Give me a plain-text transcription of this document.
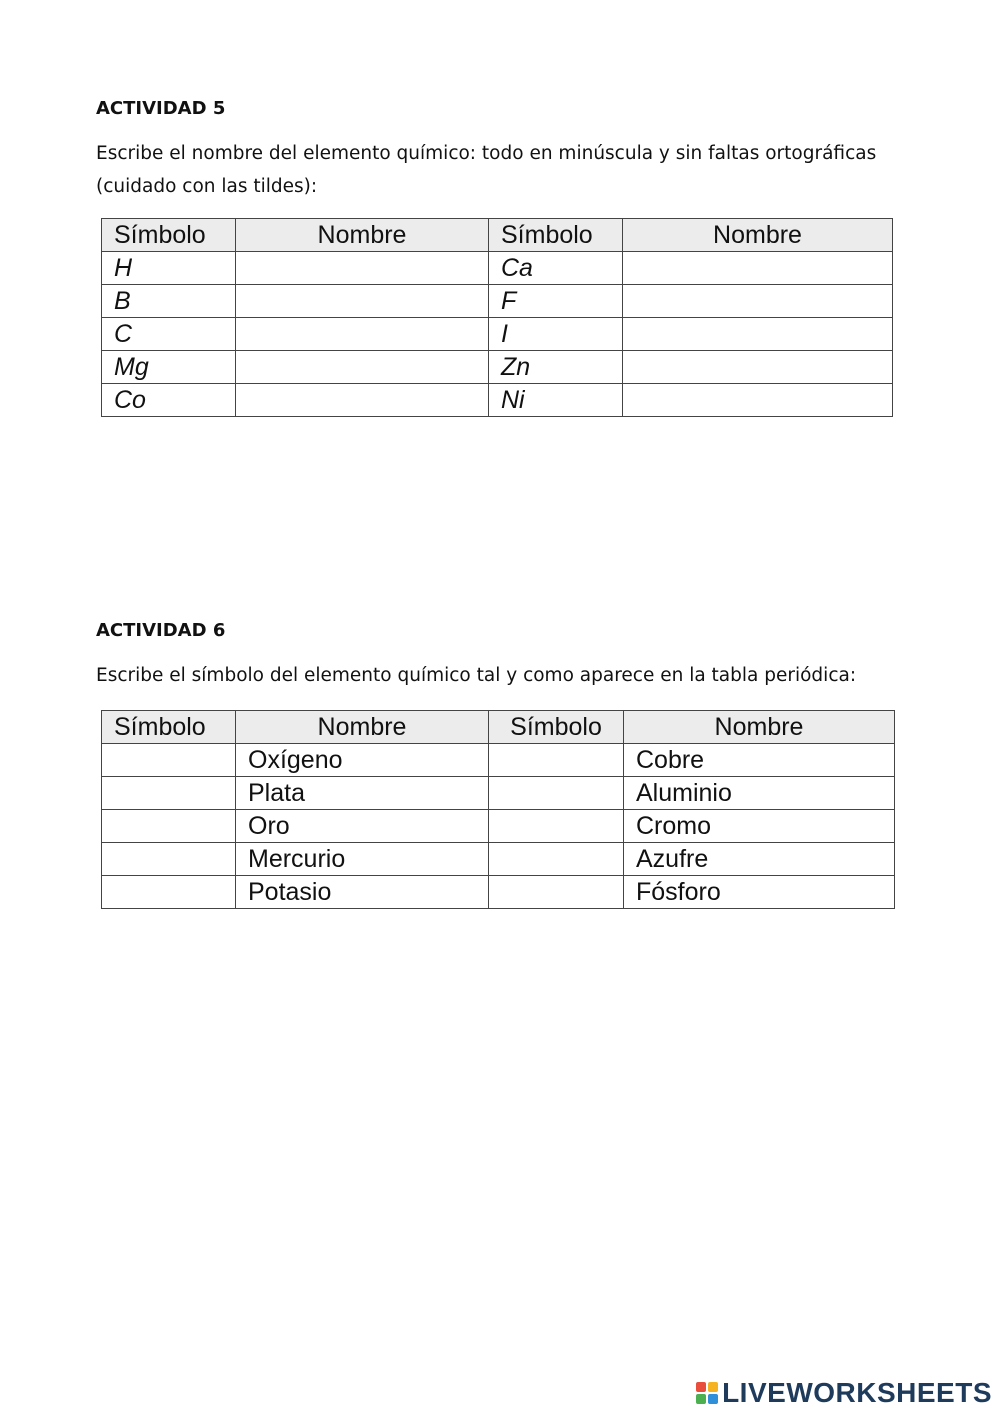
ACTIVIDAD 5
Escribe el nombre del elemento químico: todo en minúscula y sin faltas ortográficas (cuidado con las tildes):
Símbolo	Nombre	Símbolo	Nombre
H		Ca	
B		F	
C		I	
Mg		Zn	
Co		Ni	
ACTIVIDAD 6
Escribe el símbolo del elemento químico tal y como aparece en la tabla periódica:
Símbolo	Nombre	Símbolo	Nombre
	Oxígeno		Cobre
	Plata		Aluminio
	Oro		Cromo
	Mercurio		Azufre
	Potasio		Fósforo
LIVEWORKSHEETS
